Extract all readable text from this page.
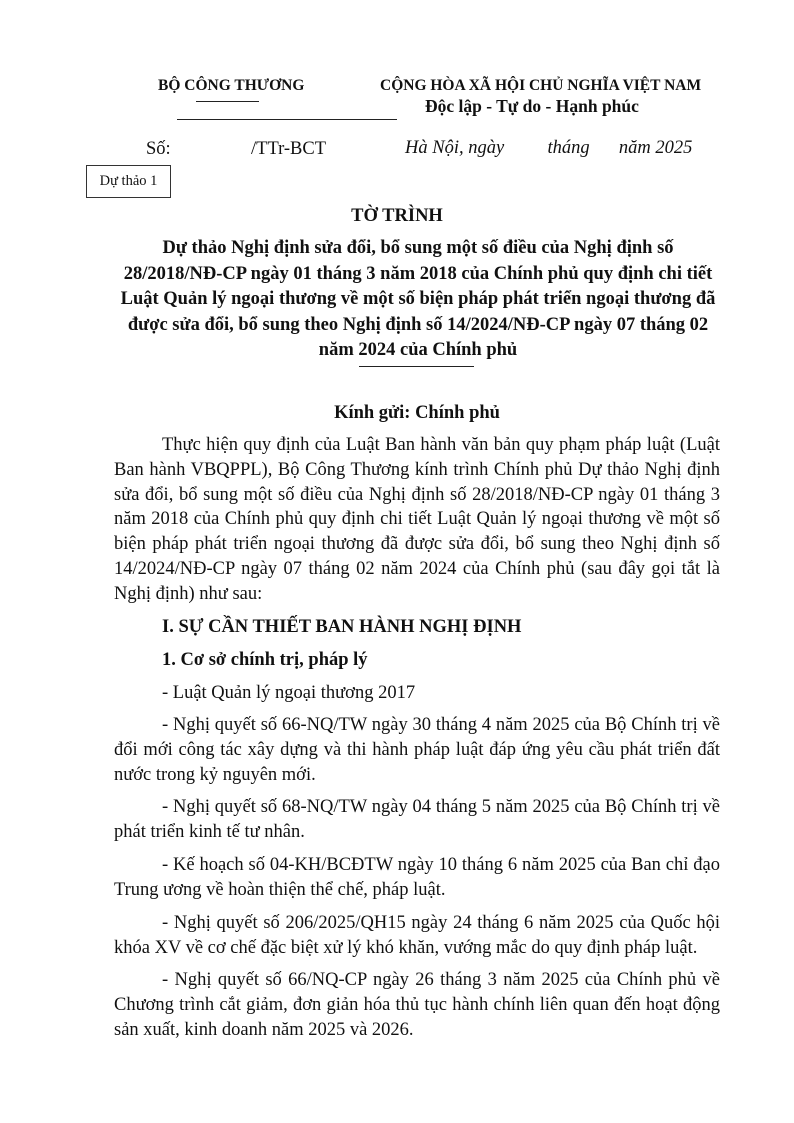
BỘ CÔNG THƯƠNG	CỘNG HÒA XÃ HỘI CHỦ NGHĨA VIỆT NAM
Độc lập - Tự do - Hạnh phúc
Số:	/TTr-BCT	Hà Nội, ngày tháng năm 2025
Dự thảo 1
TỜ TRÌNH
Dự thảo Nghị định sửa đổi, bổ sung một số điều của Nghị định số
28/2018/NĐ-CP ngày 01 tháng 3 năm 2018 của Chính phủ quy định chi tiết
Luật Quản lý ngoại thương về một số biện pháp phát triển ngoại thương đã
được sửa đổi, bổ sung theo Nghị định số 14/2024/NĐ-CP ngày 07 tháng 02
năm 2024 của Chính phủ
Kính gửi: Chính phủ
Thực hiện quy định của Luật Ban hành văn bản quy phạm pháp luật (Luật Ban hành VBQPPL), Bộ Công Thương kính trình Chính phủ Dự thảo Nghị định sửa đổi, bổ sung một số điều của Nghị định số 28/2018/NĐ-CP ngày 01 tháng 3 năm 2018 của Chính phủ quy định chi tiết Luật Quản lý ngoại thương về một số biện pháp phát triển ngoại thương đã được sửa đổi, bổ sung theo Nghị định số 14/2024/NĐ-CP ngày 07 tháng 02 năm 2024 của Chính phủ (sau đây gọi tắt là Nghị định) như sau:
I. SỰ CẦN THIẾT BAN HÀNH NGHỊ ĐỊNH
1. Cơ sở chính trị, pháp lý
- Luật Quản lý ngoại thương 2017
- Nghị quyết số 66-NQ/TW ngày 30 tháng 4 năm 2025 của Bộ Chính trị về đổi mới công tác xây dựng và thi hành pháp luật đáp ứng yêu cầu phát triển đất nước trong kỷ nguyên mới.
- Nghị quyết số 68-NQ/TW ngày 04 tháng 5 năm 2025 của Bộ Chính trị về phát triển kinh tế tư nhân.
- Kế hoạch số 04-KH/BCĐTW ngày 10 tháng 6 năm 2025 của Ban chỉ đạo Trung ương về hoàn thiện thể chế, pháp luật.
- Nghị quyết số 206/2025/QH15 ngày 24 tháng 6 năm 2025 của Quốc hội khóa XV về cơ chế đặc biệt xử lý khó khăn, vướng mắc do quy định pháp luật.
- Nghị quyết số 66/NQ-CP ngày 26 tháng 3 năm 2025 của Chính phủ về Chương trình cắt giảm, đơn giản hóa thủ tục hành chính liên quan đến hoạt động sản xuất, kinh doanh năm 2025 và 2026.
